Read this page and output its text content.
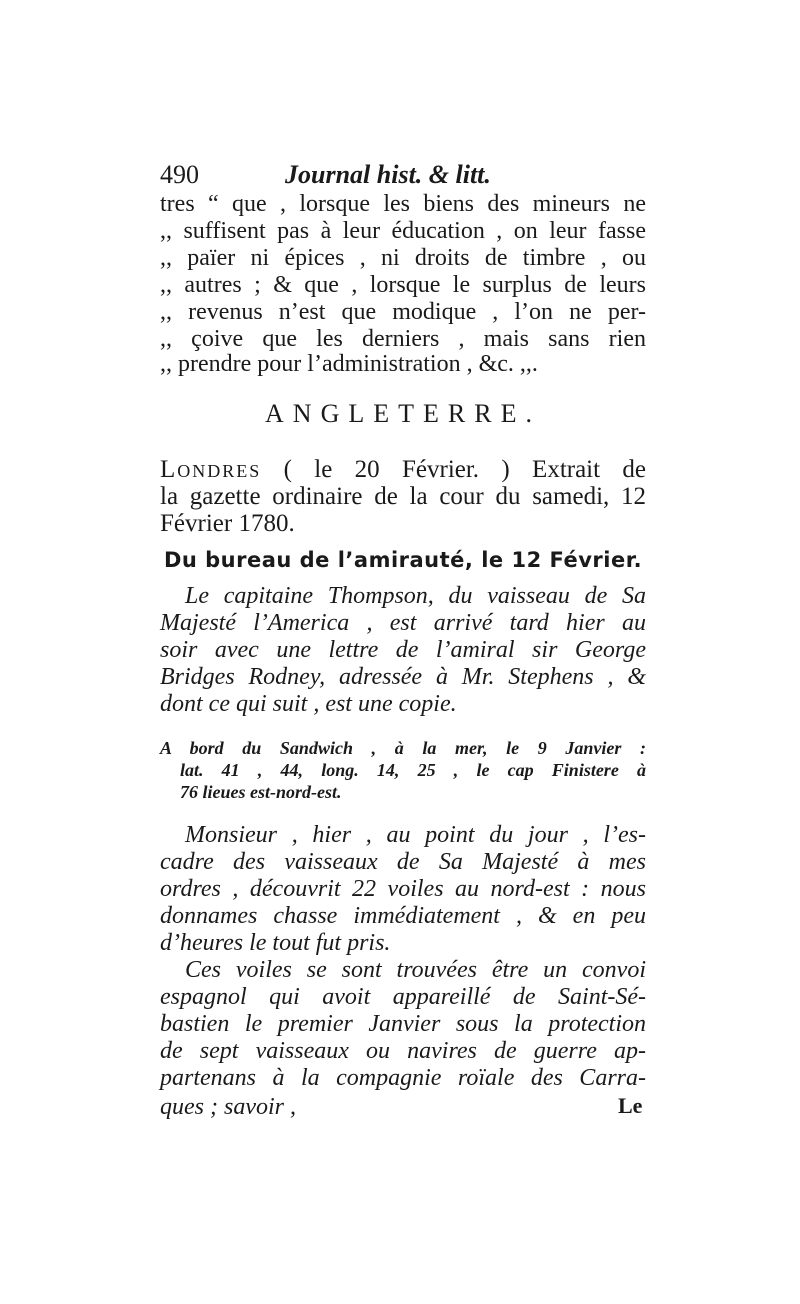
490	Journal hist. & litt.
tres “ que , lorsque les biens des mineurs ne
,, suffisent pas à leur éducation , on leur fasse
,, païer ni épices , ni droits de timbre , ou
,, autres ; & que , lorsque le surplus de leurs
,, revenus n’est que modique , l’on ne per-
,, çoive que les derniers , mais sans rien
,, prendre pour l’administration , &c. ,,.
ANGLETERRE.
Londres ( le 20 Février. ) Extrait de
la gazette ordinaire de la cour du samedi, 12
Février 1780.
Du bureau de l’amirauté, le 12 Février.
Le capitaine Thompson, du vaisseau de Sa
Majesté l’America , est arrivé tard hier au
soir avec une lettre de l’amiral sir George
Bridges Rodney, adressée à Mr. Stephens , &
dont ce qui suit , est une copie.
A bord du Sandwich , à la mer, le 9 Janvier :
lat. 41 , 44, long. 14, 25 , le cap Finistere à
76 lieues est-nord-est.
Monsieur , hier , au point du jour , l’es-
cadre des vaisseaux de Sa Majesté à mes
ordres , découvrit 22 voiles au nord-est : nous
donnames chasse immédiatement , & en peu
d’heures le tout fut pris.
Ces voiles se sont trouvées être un convoi
espagnol qui avoit appareillé de Saint-Sé-
bastien le premier Janvier sous la protection
de sept vaisseaux ou navires de guerre ap-
partenans à la compagnie roïale des Carra-
ques ; savoir ,	Le
